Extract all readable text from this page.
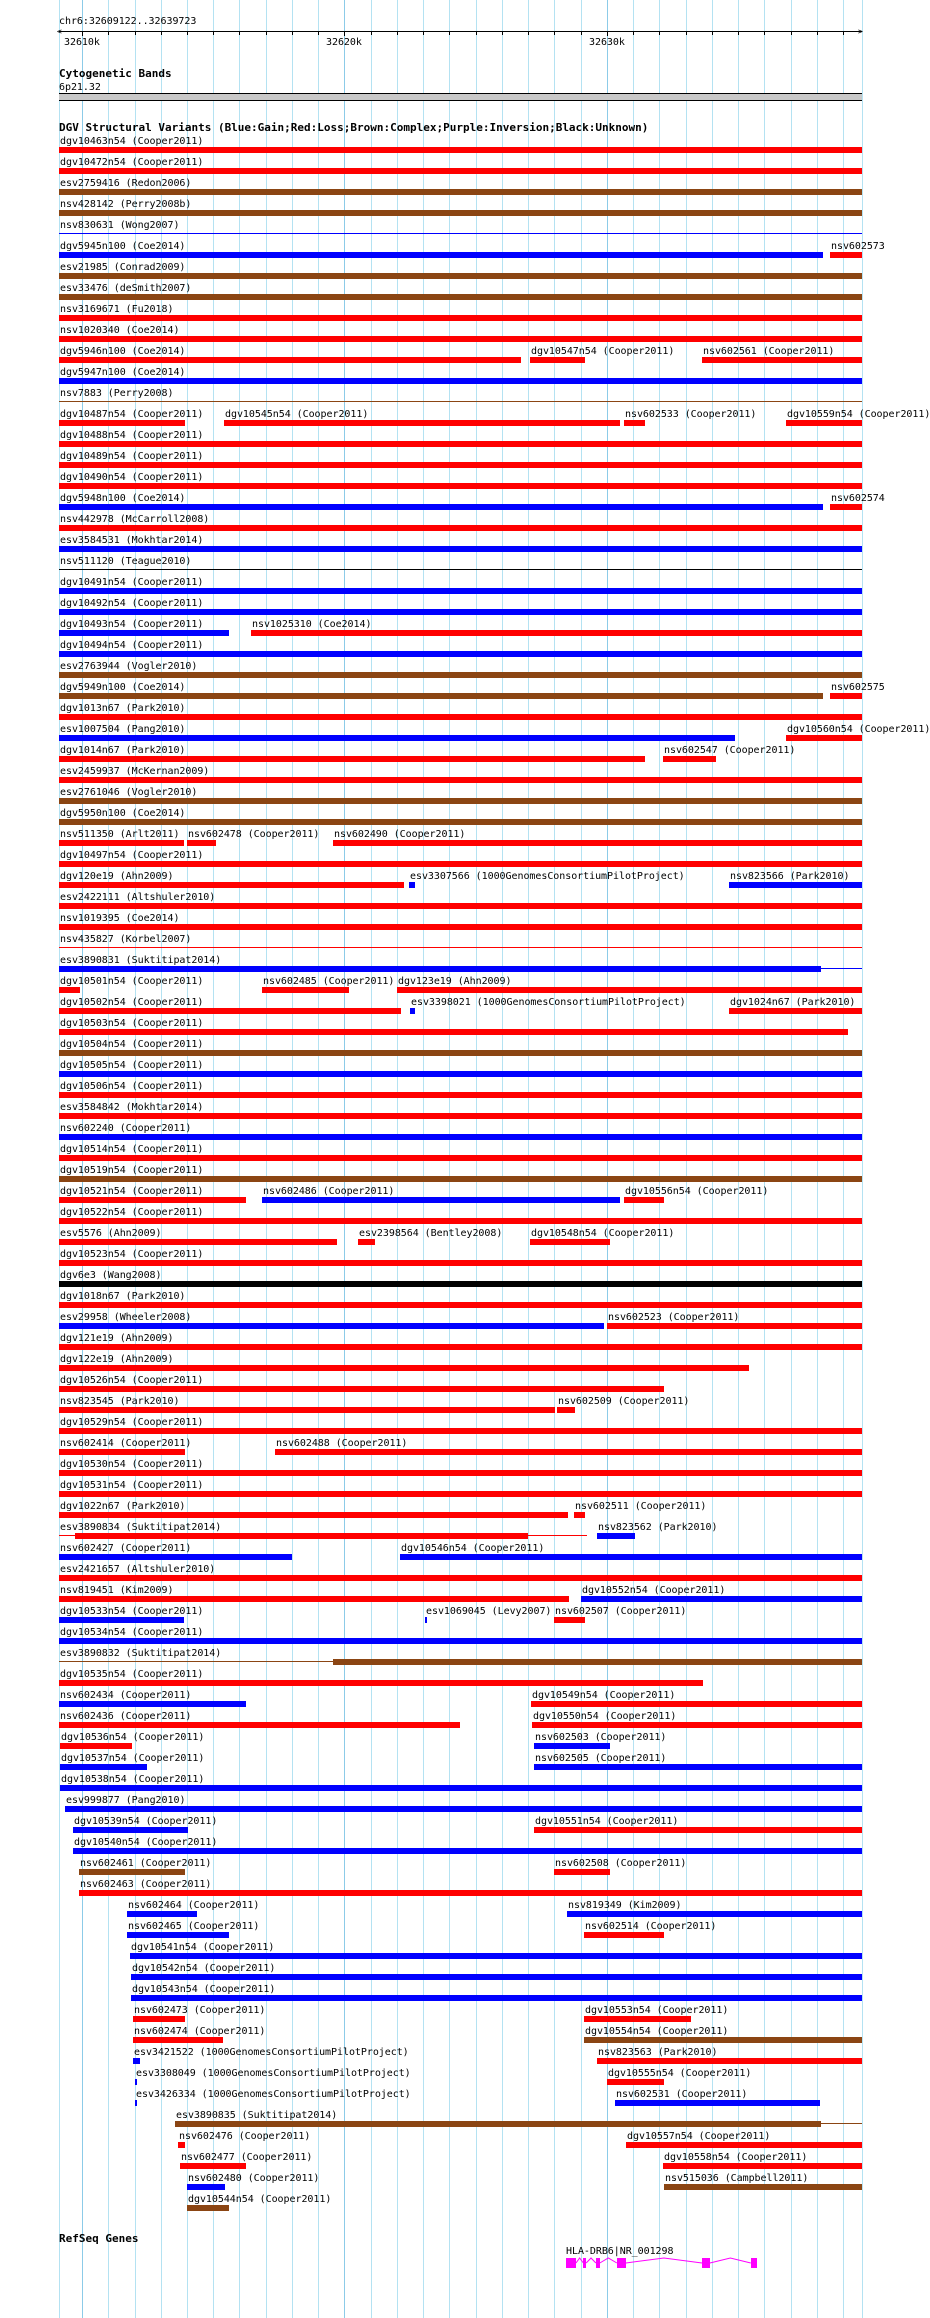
chr6:32609122..32639723
<	>
32610k	32620k	32630k
Cytogenetic Bands
6p21.32
DGV Structural Variants (Blue:Gain;Red:Loss;Brown:Complex;Purple:Inversion;Black:Unknown)
dgv10463n54 (Cooper2011)
dgv10472n54 (Cooper2011)
esv2759416 (Redon2006)
nsv428142 (Perry2008b)
nsv830631 (Wong2007)
dgv5945n100 (Coe2014)	nsv602573
esv21985 (Conrad2009)
esv33476 (deSmith2007)
nsv3169671 (Fu2018)
nsv1020340 (Coe2014)
dgv5946n100 (Coe2014)	dgv10547n54 (Cooper2011)	nsv602561 (Cooper2011)
dgv5947n100 (Coe2014)
nsv7883 (Perry2008)
dgv10487n54 (Cooper2011) dgv10545n54 (Cooper2011)	nsv602533 (Cooper2011)	dgv10559n54 (Cooper2011)
dgv10488n54 (Cooper2011)
dgv10489n54 (Cooper2011)
dgv10490n54 (Cooper2011)
dgv5948n100 (Coe2014)	nsv602574
nsv442978 (McCarroll2008)
esv3584531 (Mokhtar2014)
nsv511120 (Teague2010)
dgv10491n54 (Cooper2011)
dgv10492n54 (Cooper2011)
dgv10493n54 (Cooper2011)	nsv1025310 (Coe2014)
dgv10494n54 (Cooper2011)
esv2763944 (Vogler2010)
dgv5949n100 (Coe2014)	nsv602575
dgv1013n67 (Park2010)
esv1007504 (Pang2010)	dgv10560n54 (Cooper2011)
dgv1014n67 (Park2010)	nsv602547 (Cooper2011)
esv2459937 (McKernan2009)
esv2761046 (Vogler2010)
dgv5950n100 (Coe2014)
nsv511350 (Arlt2011) nsv602478 (Cooper2011) nsv602490 (Cooper2011)
dgv10497n54 (Cooper2011)
dgv120e19 (Ahn2009)	esv3307566 (1000GenomesConsortiumPilotProject)	nsv823566 (Park2010)
esv2422111 (Altshuler2010)
nsv1019395 (Coe2014)
nsv435827 (Korbel2007)
esv3890831 (Suktitipat2014)
dgv10501n54 (Cooper2011)	nsv602485 (Cooper2011) dgv123e19 (Ahn2009)
dgv10502n54 (Cooper2011)	esv3398021 (1000GenomesConsortiumPilotProject)	dgv1024n67 (Park2010)
dgv10503n54 (Cooper2011)
dgv10504n54 (Cooper2011)
dgv10505n54 (Cooper2011)
dgv10506n54 (Cooper2011)
esv3584842 (Mokhtar2014)
nsv602240 (Cooper2011)
dgv10514n54 (Cooper2011)
dgv10519n54 (Cooper2011)
dgv10521n54 (Cooper2011)	nsv602486 (Cooper2011)	dgv10556n54 (Cooper2011)
dgv10522n54 (Cooper2011)
esv5576 (Ahn2009)	esv2398564 (Bentley2008)	dgv10548n54 (Cooper2011)
dgv10523n54 (Cooper2011)
dgv6e3 (Wang2008)
dgv1018n67 (Park2010)
esv29958 (Wheeler2008)	nsv602523 (Cooper2011)
dgv121e19 (Ahn2009)
dgv122e19 (Ahn2009)
dgv10526n54 (Cooper2011)
nsv823545 (Park2010)	nsv602509 (Cooper2011)
dgv10529n54 (Cooper2011)
nsv602414 (Cooper2011)	nsv602488 (Cooper2011)
dgv10530n54 (Cooper2011)
dgv10531n54 (Cooper2011)
dgv1022n67 (Park2010)	nsv602511 (Cooper2011)
esv3890834 (Suktitipat2014)	nsv823562 (Park2010)
nsv602427 (Cooper2011)	dgv10546n54 (Cooper2011)
esv2421657 (Altshuler2010)
nsv819451 (Kim2009)	dgv10552n54 (Cooper2011)
dgv10533n54 (Cooper2011)	esv1069045 (Levy2007) nsv602507 (Cooper2011)
dgv10534n54 (Cooper2011)
esv3890832 (Suktitipat2014)
dgv10535n54 (Cooper2011)
nsv602434 (Cooper2011)	dgv10549n54 (Cooper2011)
nsv602436 (Cooper2011)	dgv10550n54 (Cooper2011)
dgv10536n54 (Cooper2011)	nsv602503 (Cooper2011)
dgv10537n54 (Cooper2011)	nsv602505 (Cooper2011)
dgv10538n54 (Cooper2011)
esv999877 (Pang2010)
dgv10539n54 (Cooper2011)	dgv10551n54 (Cooper2011)
dgv10540n54 (Cooper2011)
nsv602461 (Cooper2011)	nsv602508 (Cooper2011)
nsv602463 (Cooper2011)
nsv602464 (Cooper2011)	nsv819349 (Kim2009)
nsv602465 (Cooper2011)	nsv602514 (Cooper2011)
dgv10541n54 (Cooper2011)
dgv10542n54 (Cooper2011)
dgv10543n54 (Cooper2011)
nsv602473 (Cooper2011)	dgv10553n54 (Cooper2011)
nsv602474 (Cooper2011)	dgv10554n54 (Cooper2011)
esv3421522 (1000GenomesConsortiumPilotProject)	nsv823563 (Park2010)
esv3308049 (1000GenomesConsortiumPilotProject)	dgv10555n54 (Cooper2011)
esv3426334 (1000GenomesConsortiumPilotProject)	nsv602531 (Cooper2011)
esv3890835 (Suktitipat2014)
nsv602476 (Cooper2011)	dgv10557n54 (Cooper2011)
nsv602477 (Cooper2011)	dgv10558n54 (Cooper2011)
nsv602480 (Cooper2011)	nsv515036 (Campbell2011)
dgv10544n54 (Cooper2011)
RefSeq Genes
HLA-DRB6|NR_001298
